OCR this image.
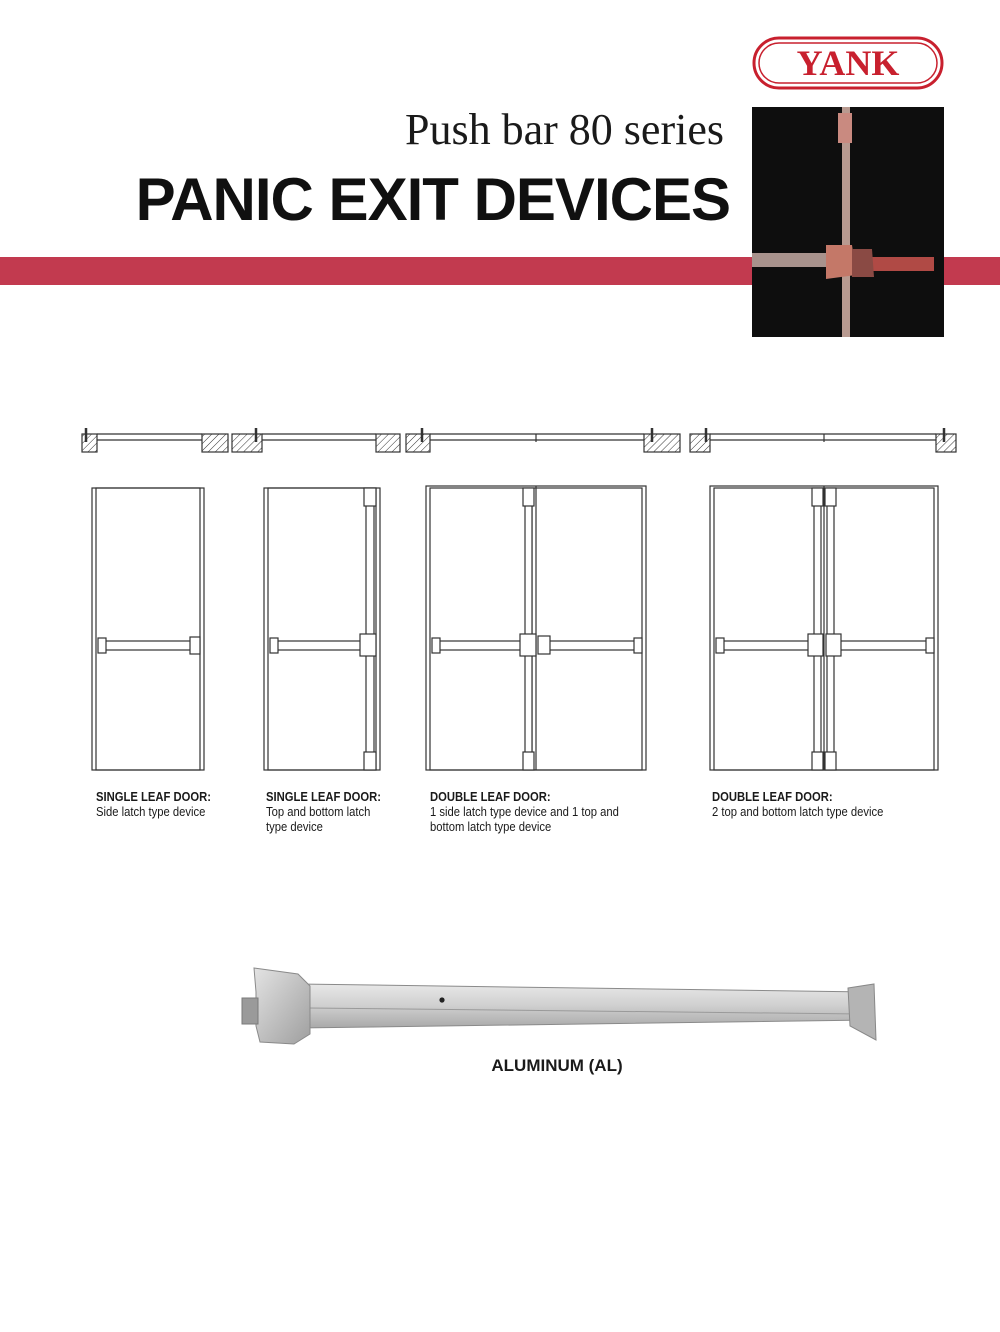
YANK
Push bar 80 series
PANIC EXIT DEVICES
SINGLE LEAF DOOR:
Side latch type device
SINGLE LEAF DOOR:
Top and bottom latch type device
DOUBLE LEAF DOOR:
1 side latch type device and 1 top and bottom latch type device
DOUBLE LEAF DOOR:
2 top and bottom latch type device
ALUMINUM (AL)
